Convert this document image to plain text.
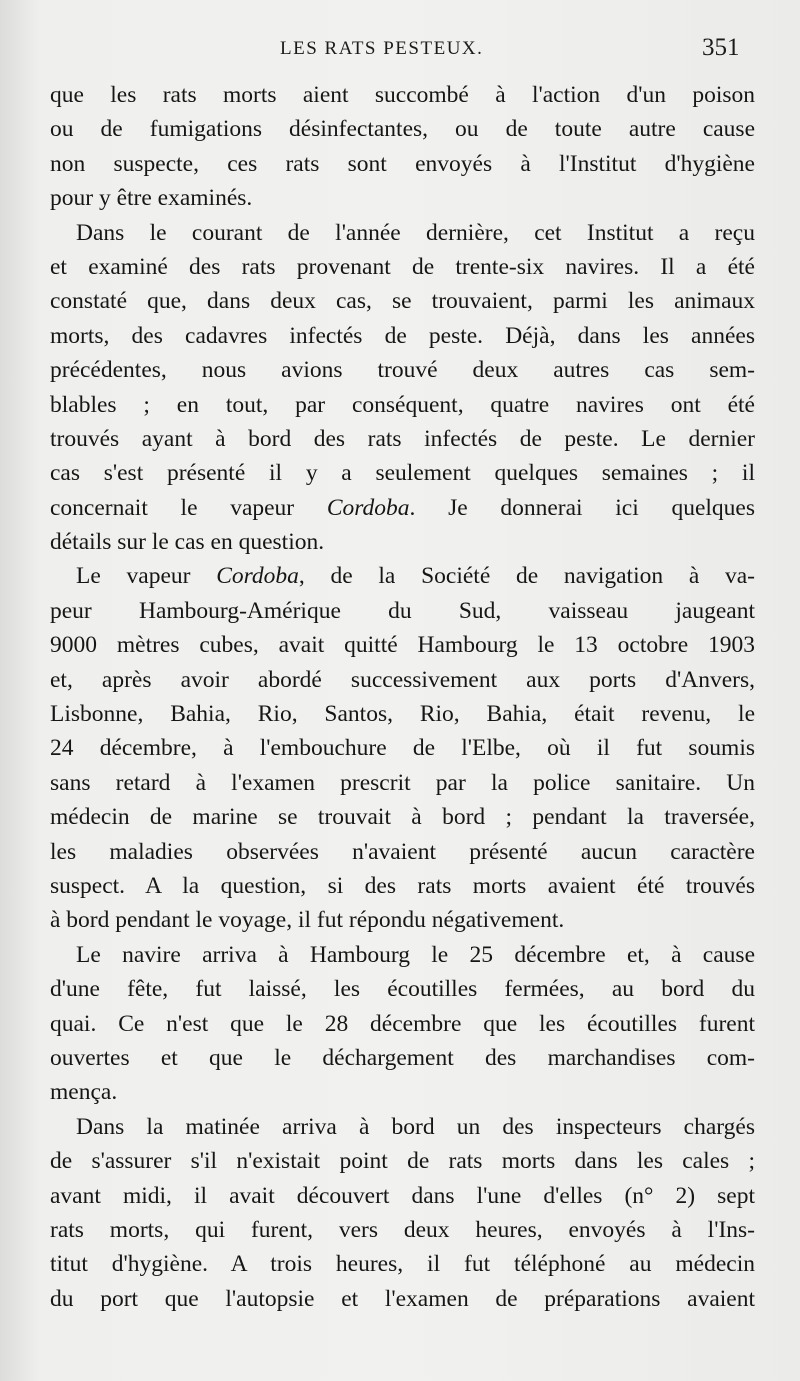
LES RATS PESTEUX.	351
que les rats morts aient succombé à l'action d'un poison
ou de fumigations désinfectantes, ou de toute autre cause
non suspecte, ces rats sont envoyés à l'Institut d'hygiène
pour y être examinés.
Dans le courant de l'année dernière, cet Institut a reçu
et examiné des rats provenant de trente-six navires. Il a été
constaté que, dans deux cas, se trouvaient, parmi les animaux
morts, des cadavres infectés de peste. Déjà, dans les années
précédentes, nous avions trouvé deux autres cas sem-
blables ; en tout, par conséquent, quatre navires ont été
trouvés ayant à bord des rats infectés de peste. Le dernier
cas s'est présenté il y a seulement quelques semaines ; il
concernait le vapeur Cordoba. Je donnerai ici quelques
détails sur le cas en question.
Le vapeur Cordoba, de la Société de navigation à va-
peur Hambourg-Amérique du Sud, vaisseau jaugeant
9000 mètres cubes, avait quitté Hambourg le 13 octobre 1903
et, après avoir abordé successivement aux ports d'Anvers,
Lisbonne, Bahia, Rio, Santos, Rio, Bahia, était revenu, le
24 décembre, à l'embouchure de l'Elbe, où il fut soumis
sans retard à l'examen prescrit par la police sanitaire. Un
médecin de marine se trouvait à bord ; pendant la traversée,
les maladies observées n'avaient présenté aucun caractère
suspect. A la question, si des rats morts avaient été trouvés
à bord pendant le voyage, il fut répondu négativement.
Le navire arriva à Hambourg le 25 décembre et, à cause
d'une fête, fut laissé, les écoutilles fermées, au bord du
quai. Ce n'est que le 28 décembre que les écoutilles furent
ouvertes et que le déchargement des marchandises com-
mença.
Dans la matinée arriva à bord un des inspecteurs chargés
de s'assurer s'il n'existait point de rats morts dans les cales ;
avant midi, il avait découvert dans l'une d'elles (n° 2) sept
rats morts, qui furent, vers deux heures, envoyés à l'Ins-
titut d'hygiène. A trois heures, il fut téléphoné au médecin
du port que l'autopsie et l'examen de préparations avaient
